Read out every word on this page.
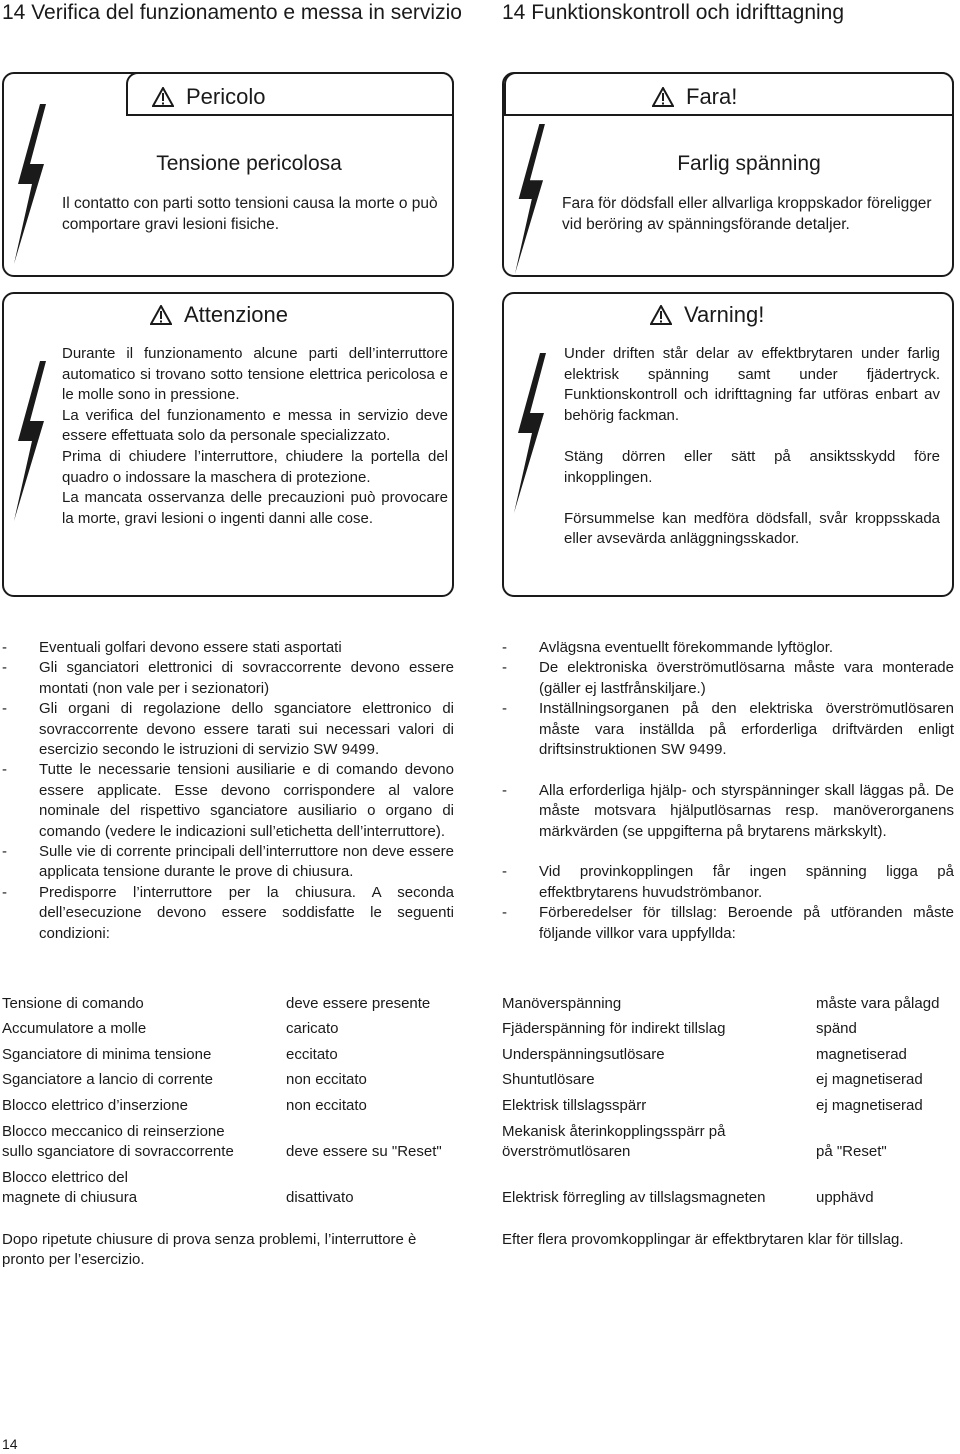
14 Verifica del funzionamento e messa in servizio 14 Funktionskontroll och idrifttagning
Pericolo
Tensione pericolosa
Il contatto con parti sotto tensioni causa la morte o può comportare gravi lesioni fisiche.
Fara!
Farlig spänning
Fara för dödsfall eller allvarliga kroppskador föreligger vid beröring av spänningsförande detaljer.
Attenzione

Durante il funzionamento alcune parti dell’interruttore automatico si trovano sotto tensione elettrica pericolosa e le molle sono in pressione.

La verifica del funzionamento e messa in servizio deve essere effettuata solo da personale specializzato.

Prima di chiudere l’interruttore, chiudere la portella del quadro o indossare la maschera di protezione.

La mancata osservanza delle precauzioni può provocare la morte, gravi lesioni o ingenti danni alle cose.

Varning!

Under driften står delar av effektbrytaren under farlig elektrisk spänning samt under fjädertryck. Funktionskontroll och idrifttagning far utföras enbart av behörig fackman.

Stäng dörren eller sätt på ansiktsskydd före inkopplingen.

Försummelse kan medföra dödsfall, svår kroppsskada eller avsevärda anläggningsskador.

- Eventuali golfari devono essere stati asportati
- Gli sganciatori elettronici di sovraccorrente devono essere montati (non vale per i sezionatori)
- Gli organi di regolazione dello sganciatore elettronico di sovraccorrente devono essere tarati sui necessari valori di esercizio secondo le istruzioni di servizio SW 9499.
- Tutte le necessarie tensioni ausiliarie e di comando devono essere applicate. Esse devono corrispondere al valore nominale del rispettivo sganciatore ausiliario o organo di comando (vedere le indicazioni sull’etichetta dell’interruttore).
- Sulle vie di corrente principali dell’interruttore non deve essere applicata tensione durante le prove di chiusura.
- Predisporre l’interruttore per la chiusura. A seconda dell’esecuzione devono essere soddisfatte le seguenti condizioni:
- Avlägsna eventuellt förekommande lyftöglor.
- De elektroniska överströmutlösarna måste vara monterade (gäller ej lastfrånskiljare.)
- Inställningsorganen på den elektriska överströmutlösaren måste vara inställda på erforderliga driftvärden enligt driftsinstruktionen SW 9499.
- Alla erforderliga hjälp- och styrspänninger skall läggas på. De måste motsvara hjälputlösarnas resp. manöverorganens märkvärden (se uppgifterna på brytarens märkskylt).
- Vid provinkopplingen får ingen spänning ligga på effektbrytarens huvudströmbanor.
- Förberedelser för tillslag: Beroende på utföranden måste följande villkor vara uppfyllda:
Tensione di comando	deve essere presente
Accumulatore a molle	caricato
Sganciatore di minima tensione	eccitato
Sganciatore a lancio di corrente	non eccitato
Blocco elettrico d’inserzione	non eccitato
Blocco meccanico di reinserzione sullo sganciatore di sovraccorrente	deve essere su "Reset"
Blocco elettrico del magnete di chiusura	disattivato
Manöverspänning	måste vara pålagd
Fjäderspänning för indirekt tillslag	spänd
Underspänningsutlösare	magnetiserad
Shuntutlösare	ej magnetiserad
Elektrisk tillslagsspärr	ej magnetiserad
Mekanisk återinkopplingsspärr på överströmutlösaren	på "Reset"
Elektrisk förregling av tillslagsmagneten	upphävd
Dopo ripetute chiusure di prova senza problemi, l’interruttore è pronto per l’esercizio.
Efter flera provomkopplingar är effektbrytaren klar för tillslag.
14
